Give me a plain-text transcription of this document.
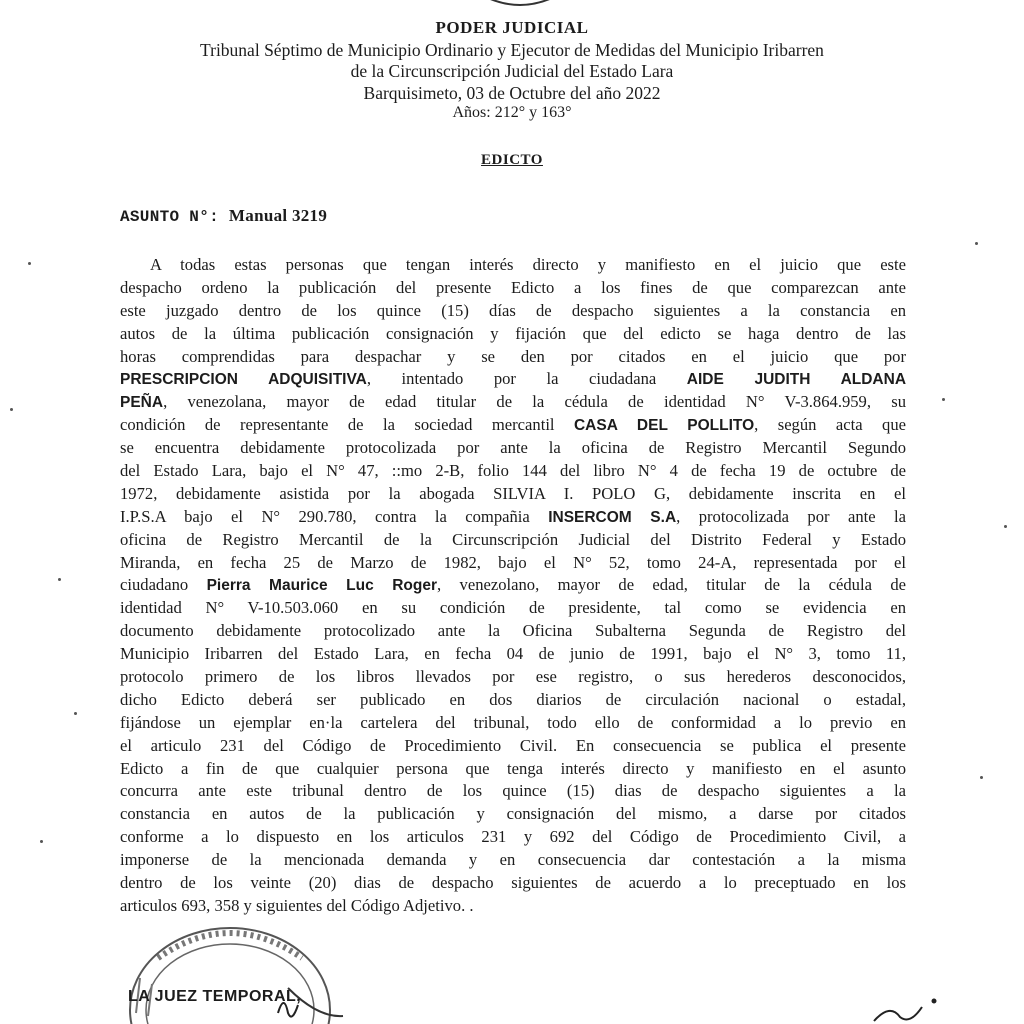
PODER JUDICIAL
Tribunal Séptimo de Municipio Ordinario y Ejecutor de Medidas del Municipio Iribarren
de la Circunscripción Judicial del Estado Lara
Barquisimeto, 03 de Octubre del año 2022
Años: 212° y 163°
EDICTO
ASUNTO N°: Manual 3219
A todas estas personas que tengan interés directo y manifiesto en el juicio que este
despacho ordeno la publicación del presente Edicto a los fines de que comparezcan ante
este juzgado dentro de los quince (15) días de despacho siguientes a la constancia en
autos de la última publicación consignación y fijación que del edicto se haga dentro de las
horas comprendidas para despachar y se den por citados en el juicio que por
PRESCRIPCION ADQUISITIVA, intentado por la ciudadana AIDE JUDITH ALDANA
PEÑA, venezolana, mayor de edad titular de la cédula de identidad N° V-3.864.959, su
condición de representante de la sociedad mercantil CASA DEL POLLITO, según acta que
se encuentra debidamente protocolizada por ante la oficina de Registro Mercantil Segundo
del Estado Lara, bajo el N° 47, ::mo 2-B, folio 144 del libro N° 4 de fecha 19 de octubre de
1972, debidamente asistida por la abogada SILVIA I. POLO G, debidamente inscrita en el
I.P.S.A bajo el N° 290.780, contra la compañia INSERCOM S.A, protocolizada por ante la
oficina de Registro Mercantil de la Circunscripción Judicial del Distrito Federal y Estado
Miranda, en fecha 25 de Marzo de 1982, bajo el N° 52, tomo 24-A, representada por el
ciudadano Pierra Maurice Luc Roger, venezolano, mayor de edad, titular de la cédula de
identidad N° V-10.503.060 en su condición de presidente, tal como se evidencia en
documento debidamente protocolizado ante la Oficina Subalterna Segunda de Registro del
Municipio Iribarren del Estado Lara, en fecha 04 de junio de 1991, bajo el N° 3, tomo 11,
protocolo primero de los libros llevados por ese registro, o sus herederos desconocidos,
dicho Edicto deberá ser publicado en dos diarios de circulación nacional o estadal,
fijándose un ejemplar en·la cartelera del tribunal, todo ello de conformidad a lo previo en
el articulo 231 del Código de Procedimiento Civil. En consecuencia se publica el presente
Edicto a fin de que cualquier persona que tenga interés directo y manifiesto en el asunto
concurra ante este tribunal dentro de los quince (15) dias de despacho siguientes a la
constancia en autos de la publicación y consignación del mismo, a darse por citados
conforme a lo dispuesto en los articulos 231 y 692 del Código de Procedimiento Civil, a
imponerse de la mencionada demanda y en consecuencia dar contestación a la misma
dentro de los veinte (20) dias de despacho siguientes de acuerdo a lo preceptuado en los
articulos 693, 358 y siguientes del Código Adjetivo. .
LA JUEZ TEMPORAL,
